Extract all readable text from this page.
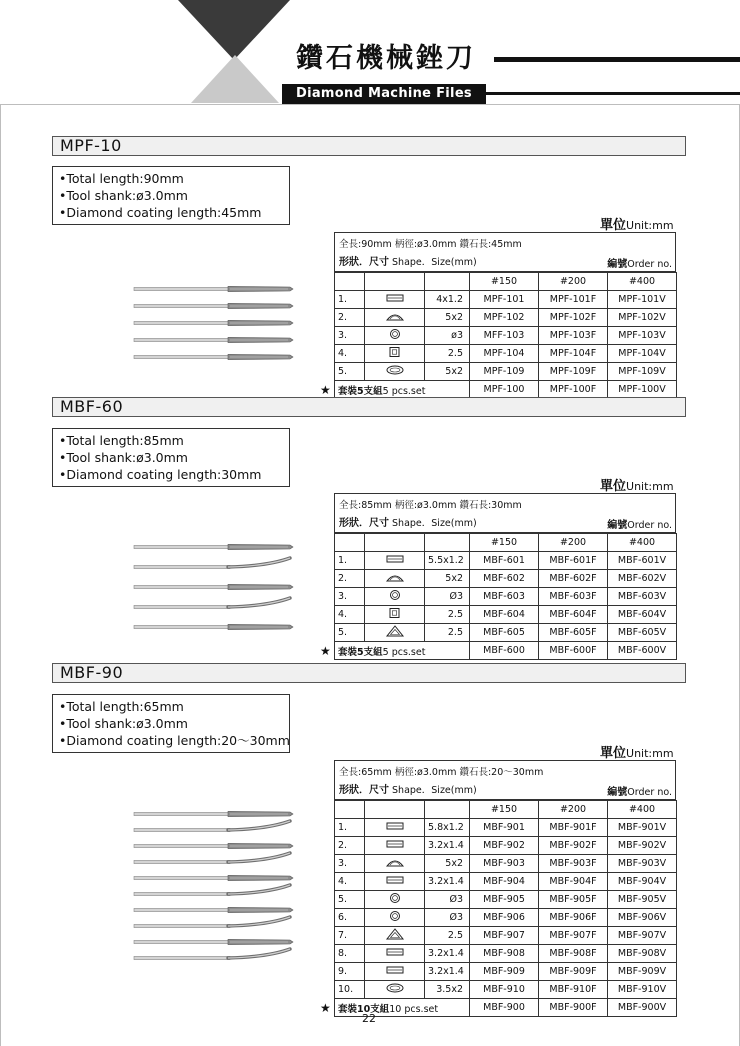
鑽石機械銼刀
Diamond Machine Files
MPF-10
•Total length:90mm
•Tool shank:ø3.0mm
•Diamond coating length:45mm
單位Unit:mm
全長:90mm 柄徑:ø3.0mm 鑽石長:45mm
形狀．尺寸 Shape．Size(mm)	編號Order no.
			#150	#200	#400
1.		4x1.2	MPF-101	MPF-101F	MPF-101V
2.		5x2	MPF-102	MPF-102F	MPF-102V
3.		ø3	MFF-103	MPF-103F	MPF-103V
4.		2.5	MPF-104	MPF-104F	MPF-104V
5.		5x2	MPF-109	MPF-109F	MPF-109V

★ 套裝5支組5 pcs.set			MPF-100	MPF-100F	MPF-100V
MBF-60
•Total length:85mm
•Tool shank:ø3.0mm
•Diamond coating length:30mm
單位Unit:mm
全長:85mm 柄徑:ø3.0mm 鑽石長:30mm
形狀．尺寸 Shape．Size(mm)	編號Order no.
			#150	#200	#400
1.		5.5x1.2	MBF-601	MBF-601F	MBF-601V
2.		5x2	MBF-602	MBF-602F	MBF-602V
3.		Ø3	MBF-603	MBF-603F	MBF-603V
4.		2.5	MBF-604	MBF-604F	MBF-604V
5.		2.5	MBF-605	MBF-605F	MBF-605V

★ 套裝5支組5 pcs.set			MBF-600	MBF-600F	MBF-600V
MBF-90
•Total length:65mm
•Tool shank:ø3.0mm
•Diamond coating length:20～30mm
單位Unit:mm
全長:65mm 柄徑:ø3.0mm 鑽石長:20～30mm
形狀．尺寸 Shape．Size(mm)	編號Order no.
			#150	#200	#400
1.		5.8x1.2	MBF-901	MBF-901F	MBF-901V
2.		3.2x1.4	MBF-902	MBF-902F	MBF-902V
3.		5x2	MBF-903	MBF-903F	MBF-903V
4.		3.2x1.4	MBF-904	MBF-904F	MBF-904V
5.		Ø3	MBF-905	MBF-905F	MBF-905V
6.		Ø3	MBF-906	MBF-906F	MBF-906V
7.		2.5	MBF-907	MBF-907F	MBF-907V
8.		3.2x1.4	MBF-908	MBF-908F	MBF-908V
9.		3.2x1.4	MBF-909	MBF-909F	MBF-909V
10.		3.5x2	MBF-910	MBF-910F	MBF-910V

★ 套裝10支組10 pcs.set			MBF-900	MBF-900F	MBF-900V
22
